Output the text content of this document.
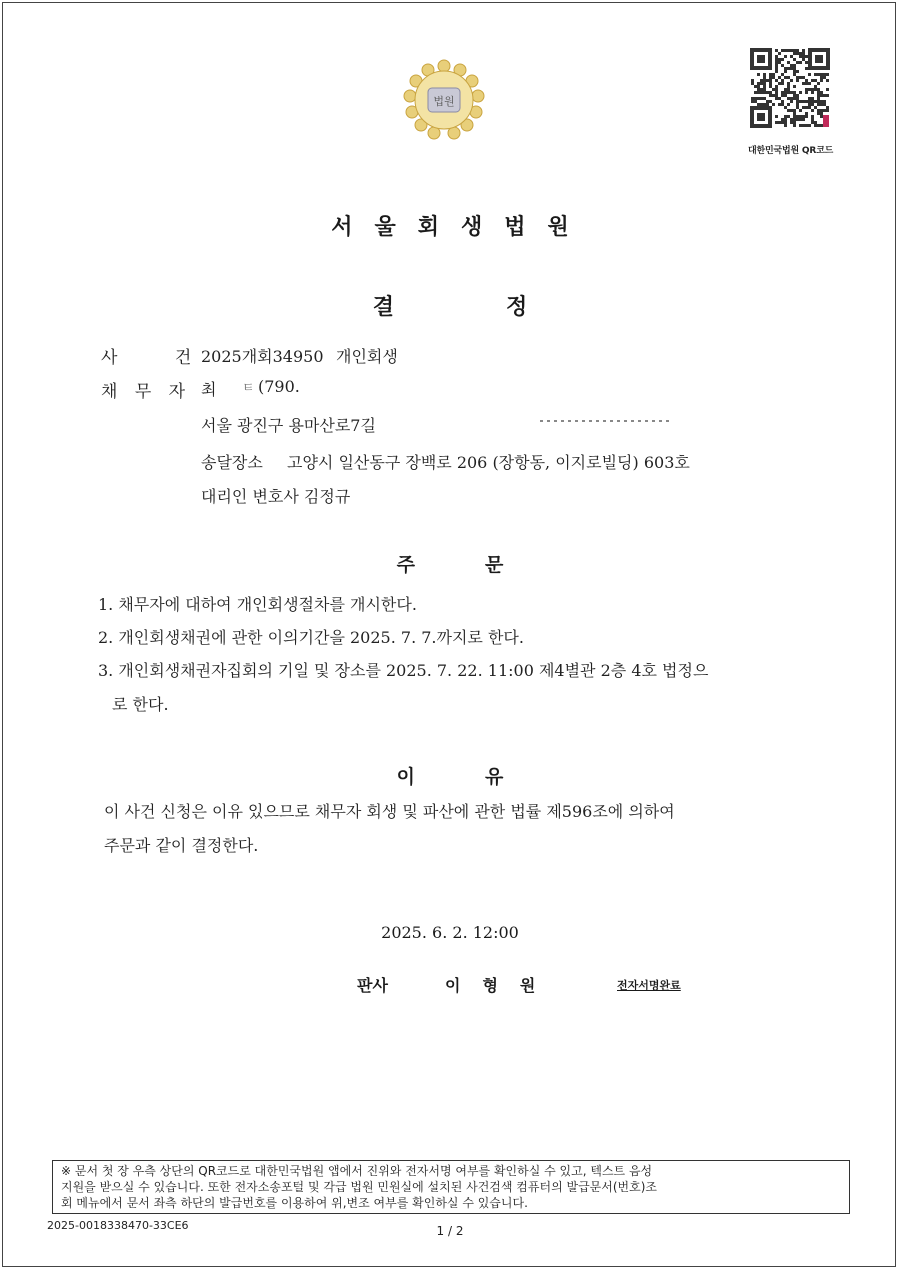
법원
대한민국법원 QR코드
서울회생법원
결정
사 건
2025개회34950 개인회생
채 무 자 최 ㅌ (790.
서울 광진구 용마산로7길
송달장소 고양시 일산동구 장백로 206 (장항동, 이지로빌딩) 603호
대리인 변호사 김정규
주문
1. 채무자에 대하여 개인회생절차를 개시한다.
2. 개인회생채권에 관한 이의기간을 2025. 7. 7.까지로 한다.
3. 개인회생채권자집회의 기일 및 장소를 2025. 7. 22. 11:00 제4별관 2층 4호 법정으
로 한다.
이유
이 사건 신청은 이유 있으므로 채무자 회생 및 파산에 관한 법률 제596조에 의하여
주문과 같이 결정한다.
2025. 6. 2. 12:00
판사	이형원	전자서명완료
※ 문서 첫 장 우측 상단의 QR코드로 대한민국법원 앱에서 진위와 전자서명 여부를 확인하실 수 있고, 텍스트 음성
지원을 받으실 수 있습니다. 또한 전자소송포털 및 각급 법원 민원실에 설치된 사건검색 컴퓨터의 발급문서(번호)조
회 메뉴에서 문서 좌측 하단의 발급번호를 이용하여 위,변조 여부를 확인하실 수 있습니다.
2025-0018338470-33CE6	1 / 2
